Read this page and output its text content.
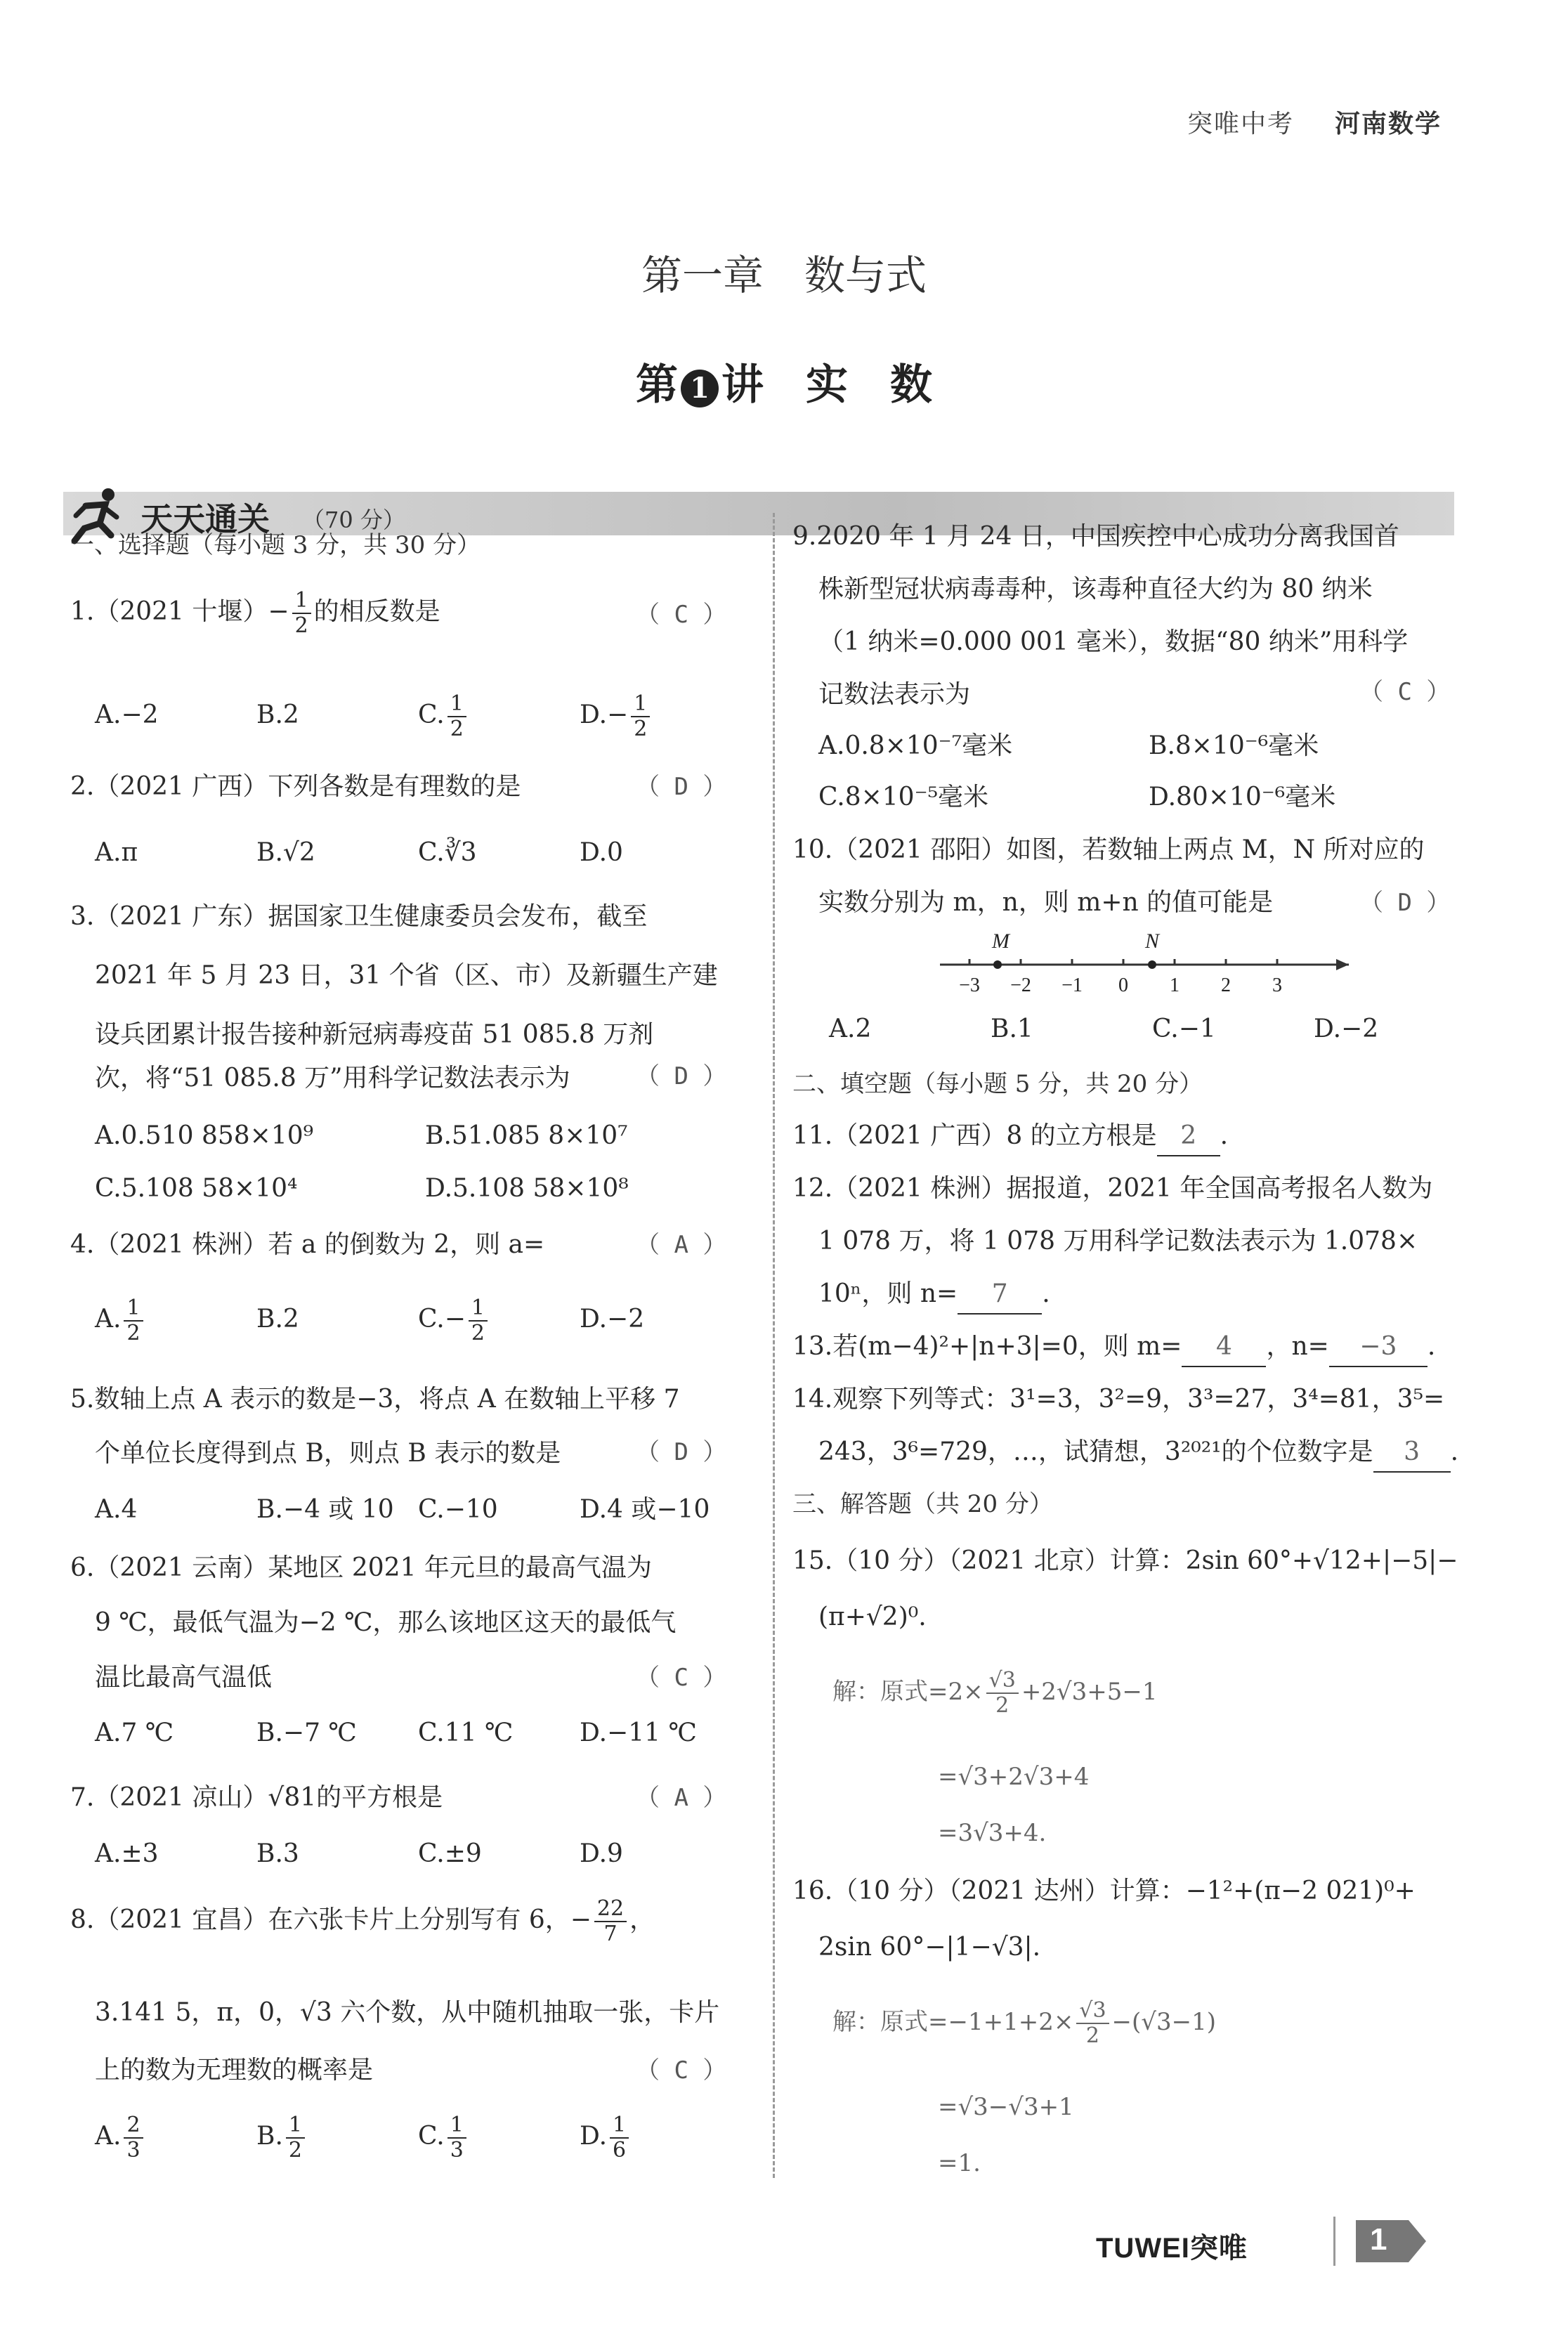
突唯中考 河南数学
第一章　数与式
第 1 讲　实　数
天天通关 （70 分）
一、选择题（每小题 3 分，共 30 分）
1.（2021 十堰）− $\frac{1}{2}$ 的相反数是	（ C ）
A.−2	B.2	C. $\frac{1}{2}$	$D.- \frac{1}{2}$
2.（2021 广西）下列各数是有理数的是	（ D ）
A.π	B.√2	C.∛3	D.0
3.（2021 广东）据国家卫生健康委员会发布，截至
2021 年 5 月 23 日，31 个省（区、市）及新疆生产建
设兵团累计报告接种新冠病毒疫苗 51 085.8 万剂
次，将“51 085.8 万”用科学记数法表示为	（ D ）
A.0.510 858×10⁹	B.51.085 8×10⁷
C.5.108 58×10⁴	D.5.108 58×10⁸
4.（2021 株洲）若 a 的倒数为 2，则 a=	（ A ）
A. $\frac{1}{2}$	B.2	$C.- \frac{1}{2}$	D.−2
5.数轴上点 A 表示的数是−3，将点 A 在数轴上平移 7
个单位长度得到点 B，则点 B 表示的数是	（ D ）
A.4	B.−4 或 10 C.−10	D.4 或−10
6.（2021 云南）某地区 2021 年元旦的最高气温为
9 ℃，最低气温为−2 ℃，那么该地区这天的最低气
温比最高气温低	（ C ）
A.7 ℃	B.−7 ℃ C.11 ℃	D.−11 ℃
7.（2021 凉山）√81的平方根是	（ A ）
A.±3	B.3	C.±9	D.9
8.（2021 宜昌）在六张卡片上分别写有 6，− $\frac{22}{7}$ ，
3.141 5，π，0，√3 六个数，从中随机抽取一张，卡片
上的数为无理数的概率是	（ C ）
A. $\frac{2}{3}$	B. $\frac{1}{2}$	C. $\frac{1}{3}$	D. $\frac{1}{6}$
9.2020 年 1 月 24 日，中国疾控中心成功分离我国首
株新型冠状病毒毒种，该毒种直径大约为 80 纳米
（1 纳米=0.000 001 毫米），数据“80 纳米”用科学
记数法表示为	（ C ）
A.0.8×10⁻⁷毫米	B.8×10⁻⁶毫米
C.8×10⁻⁵毫米	D.80×10⁻⁶毫米
10.（2021 邵阳）如图，若数轴上两点 M，N 所对应的
实数分别为 m，n，则 m+n 的值可能是	（ D ）
−3 −2 −1 0 1 2 3
M	N
A.2	B.1	C.−1	D.−2
二、填空题（每小题 5 分，共 20 分）
11.（2021 广西）8 的立方根是 2 .
12.（2021 株洲）据报道，2021 年全国高考报名人数为
1 078 万，将 1 078 万用科学记数法表示为 1.078×
10ⁿ，则 n= 7 .
13.若(m−4)²+|n+3|=0，则 m= 4 ，n= −3 .
14.观察下列等式：3¹=3，3²=9，3³=27，3⁴=81，3⁵=
243，3⁶=729，…，试猜想，3²⁰²¹的个位数字是 3 .
三、解答题（共 20 分）
15.（10 分）（2021 北京）计算：2sin 60°+√12+|−5|−
(π+√2)⁰.
解：原式$=2\times \frac{√3}{2} +2√3+5-1$
=√3+2√3+4
=3√3+4.
16.（10 分）（2021 达州）计算：−1²+(π−2 021)⁰+
2sin 60°−|1−√3|.
解：原式$=-1+1+2\times \frac{√3}{2} -(√3-1)$
=√3−√3+1
=1.
TUWEI突唯	1
